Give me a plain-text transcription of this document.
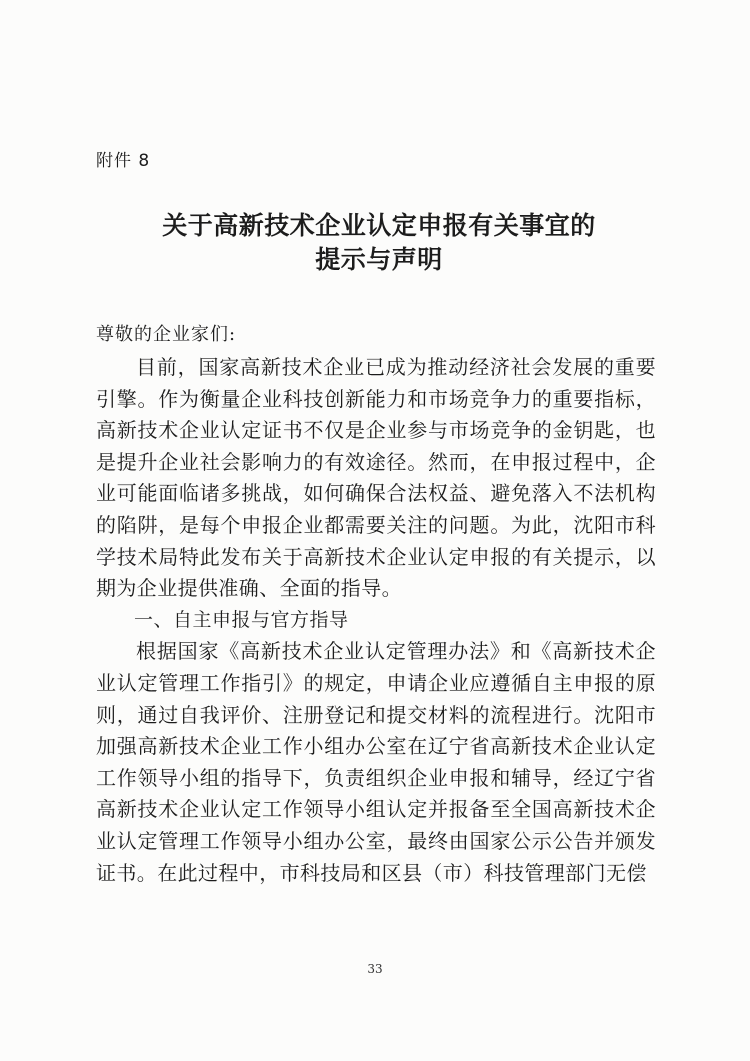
附件 8
关于高新技术企业认定申报有关事宜的
提示与声明
尊敬的企业家们:

目前，国家高新技术企业已成为推动经济社会发展的重要引擎。作为衡量企业科技创新能力和市场竞争力的重要指标，高新技术企业认定证书不仅是企业参与市场竞争的金钥匙，也是提升企业社会影响力的有效途径。然而，在申报过程中，企业可能面临诸多挑战，如何确保合法权益、避免落入不法机构的陷阱，是每个申报企业都需要关注的问题。为此，沈阳市科学技术局特此发布关于高新技术企业认定申报的有关提示，以期为企业提供准确、全面的指导。

一、自主申报与官方指导

根据国家《高新技术企业认定管理办法》和《高新技术企业认定管理工作指引》的规定，申请企业应遵循自主申报的原则，通过自我评价、注册登记和提交材料的流程进行。沈阳市加强高新技术企业工作小组办公室在辽宁省高新技术企业认定工作领导小组的指导下，负责组织企业申报和辅导，经辽宁省高新技术企业认定工作领导小组认定并报备至全国高新技术企业认定管理工作领导小组办公室，最终由国家公示公告并颁发证书。在此过程中，市科技局和区县（市）科技管理部门无偿

33
